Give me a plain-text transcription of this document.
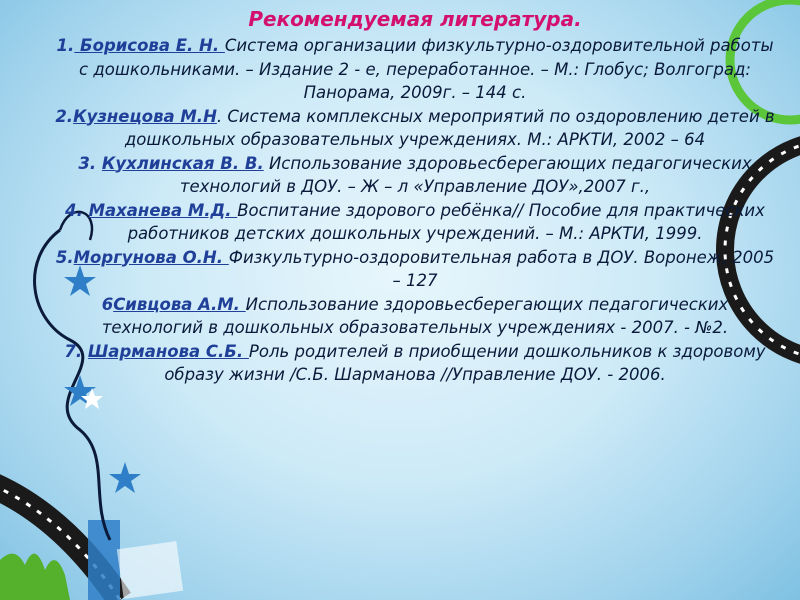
Рекомендуемая литература.
1. Борисова Е. Н. Система организации физкультурно-оздоровительной работы с дошкольниками. – Издание 2 - е, переработанное. – М.: Глобус; Волгоград: Панорама, 2009г. – 144 с.
2.Кузнецова М.Н. Система комплексных мероприятий по оздоровлению детей в дошкольных образовательных учреждениях. М.: АРКТИ, 2002 – 64
3. Кухлинская В. В. Использование здоровьесберегающих педагогических технологий в ДОУ. – Ж – л «Управление ДОУ»,2007 г.,
4. Маханева М.Д. Воспитание здорового ребёнка// Пособие для практических работников детских дошкольных учреждений. – М.: АРКТИ, 1999.
5.Моргунова О.Н. Физкультурно-оздоровительная работа в ДОУ. Воронеж, 2005 – 127
6Сивцова А.М. Использование здоровьесберегающих педагогических технологий в дошкольных образовательных учреждениях - 2007. - №2.
7. Шарманова С.Б. Роль родителей в приобщении дошкольников к здоровому образу жизни /С.Б. Шарманова //Управление ДОУ. - 2006.
